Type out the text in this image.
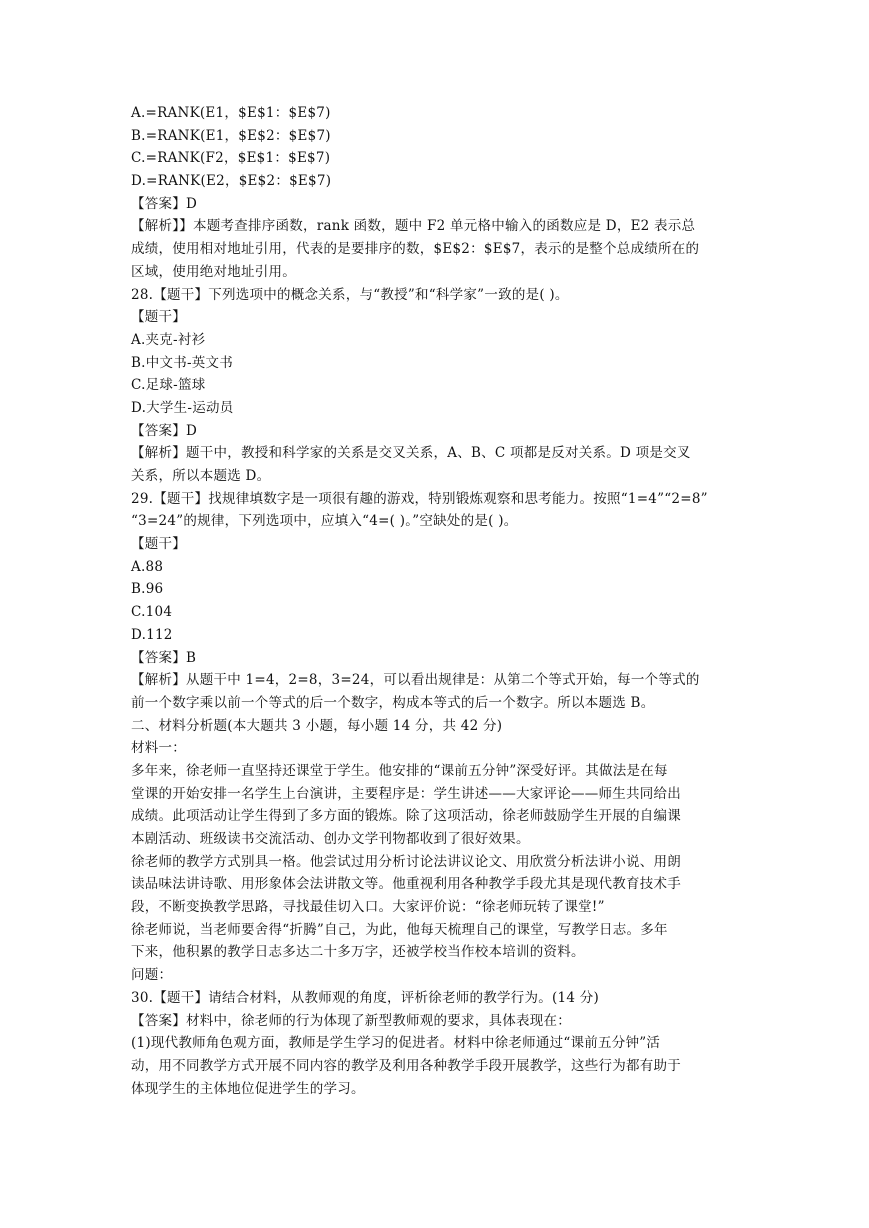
A.=RANK(E1，$E$1：$E$7)
B.=RANK(E1，$E$2：$E$7)
C.=RANK(F2，$E$1：$E$7)
D.=RANK(E2，$E$2：$E$7)
【答案】D
【解析】】本题考查排序函数，rank 函数，题中 F2 单元格中输入的函数应是 D，E2 表示总
成绩，使用相对地址引用，代表的是要排序的数，$E$2：$E$7，表示的是整个总成绩所在的
区域，使用绝对地址引用。
28.【题干】下列选项中的概念关系，与“教授”和“科学家”一致的是( )。
【题干】
A.夹克-衬衫
B.中文书-英文书
C.足球-篮球
D.大学生-运动员
【答案】D
【解析】题干中，教授和科学家的关系是交叉关系，A、B、C 项都是反对关系。D 项是交叉
关系，所以本题选 D。
29.【题干】找规律填数字是一项很有趣的游戏，特别锻炼观察和思考能力。按照“1=4”“2=8”
“3=24”的规律，下列选项中，应填入“4=( )。”空缺处的是( )。
【题干】
A.88
B.96
C.104
D.112
【答案】B
【解析】从题干中 1=4，2=8，3=24，可以看出规律是：从第二个等式开始，每一个等式的
前一个数字乘以前一个等式的后一个数字，构成本等式的后一个数字。所以本题选 B。
二、材料分析题(本大题共 3 小题，每小题 14 分，共 42 分)
材料一：
多年来，徐老师一直坚持还课堂于学生。他安排的“课前五分钟”深受好评。其做法是在每
堂课的开始安排一名学生上台演讲，主要程序是：学生讲述——大家评论——师生共同给出
成绩。此项活动让学生得到了多方面的锻炼。除了这项活动，徐老师鼓励学生开展的自编课
本剧活动、班级读书交流活动、创办文学刊物都收到了很好效果。
徐老师的教学方式别具一格。他尝试过用分析讨论法讲议论文、用欣赏分析法讲小说、用朗
读品味法讲诗歌、用形象体会法讲散文等。他重视利用各种教学手段尤其是现代教育技术手
段，不断变换教学思路，寻找最佳切入口。大家评价说：“徐老师玩转了课堂!”
徐老师说，当老师要舍得“折腾”自己，为此，他每天梳理自己的课堂，写教学日志。多年
下来，他积累的教学日志多达二十多万字，还被学校当作校本培训的资料。
问题：
30.【题干】请结合材料，从教师观的角度，评析徐老师的教学行为。(14 分)
【答案】材料中，徐老师的行为体现了新型教师观的要求，具体表现在：
(1)现代教师角色观方面，教师是学生学习的促进者。材料中徐老师通过“课前五分钟”活
动，用不同教学方式开展不同内容的教学及利用各种教学手段开展教学，这些行为都有助于
体现学生的主体地位促进学生的学习。
